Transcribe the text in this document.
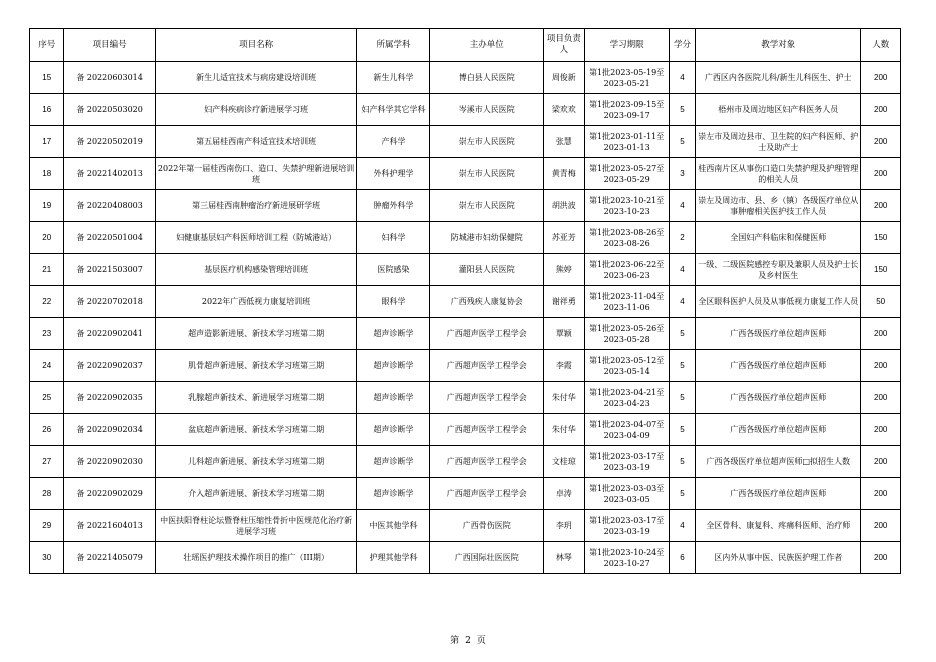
序号	项目编号	项目名称	所属学科	主办单位	项目负责人	学习期限	学分	教学对象	人数
15	备 20220603014	新生儿适宜技术与病房建设培训班	新生儿科学	博白县人民医院	周俊新	第1批2023-05-19至2023-05-21	4	广西区内各医院儿科/新生儿科医生、护士	200
16	备 20220503020	妇产科疾病诊疗新进展学习班	妇产科学其它学科	岑溪市人民医院	梁欢欢	第1批2023-09-15至2023-09-17	5	梧州市及周边地区妇产科医务人员	200
17	备 20220502019	第五届桂西南产科适宜技术培训班	产科学	崇左市人民医院	张慧	第1批2023-01-11至2023-01-13	5	崇左市及周边县市、卫生院的妇产科医师、护士及助产士	200
18	备 20221402013	2022年第一届桂西南伤口、造口、失禁护理新进展培训班	外科护理学	崇左市人民医院	黄青梅	第1批2023-05-27至2023-05-29	3	桂西南片区从事伤口造口失禁护理及护理管理的相关人员	200
19	备 20220408003	第三届桂西南肿瘤治疗新进展研学班	肿瘤外科学	崇左市人民医院	胡洪波	第1批2023-10-21至2023-10-23	4	崇左及周边市、县、乡（镇）各级医疗单位从事肿瘤相关医护技工作人员	200
20	备 20220501004	妇健康基层妇产科医师培训工程（防城港站）	妇科学	防城港市妇幼保健院	苏亚芳	第1批2023-08-26至2023-08-26	2	全国妇产科临床和保健医师	150
21	备 20221503007	基层医疗机构感染管理培训班	医院感染	灌阳县人民医院	熊婷	第1批2023-06-22至2023-06-23	4	一级、二级医院感控专职及兼职人员及护士长及乡村医生	150
22	备 20220702018	2022年广西低视力康复培训班	眼科学	广西残疾人康复协会	谢祥勇	第1批2023-11-04至2023-11-06	4	全区眼科医护人员及从事低视力康复工作人员	50
23	备 20220902041	超声造影新进展、新技术学习班第二期	超声诊断学	广西超声医学工程学会	覃颖	第1批2023-05-26至2023-05-28	5	广西各级医疗单位超声医师	200
24	备 20220902037	肌骨超声新进展、新技术学习班第三期	超声诊断学	广西超声医学工程学会	李霞	第1批2023-05-12至2023-05-14	5	广西各级医疗单位超声医师	200
25	备 20220902035	乳腺超声新技术、新进展学习班第二期	超声诊断学	广西超声医学工程学会	朱付华	第1批2023-04-21至2023-04-23	5	广西各级医疗单位超声医师	200
26	备 20220902034	盆底超声新进展、新技术学习班第二期	超声诊断学	广西超声医学工程学会	朱付华	第1批2023-04-07至2023-04-09	5	广西各级医疗单位超声医师	200
27	备 20220902030	儿科超声新进展、新技术学习班第二期	超声诊断学	广西超声医学工程学会	文桂琼	第1批2023-03-17至2023-03-19	5	广西各级医疗单位超声医师□拟招生人数	200
28	备 20220902029	介入超声新进展、新技术学习班第二期	超声诊断学	广西超声医学工程学会	卓涛	第1批2023-03-03至2023-03-05	5	广西各级医疗单位超声医师	200
29	备 20221604013	中医扶阳脊柱论坛暨脊柱压缩性骨折中医规范化治疗新进展学习班	中医其他学科	广西骨伤医院	李玥	第1批2023-03-17至2023-03-19	4	全区骨科、康复科、疼痛科医师、治疗师	200
30	备 20221405079	壮瑶医护理技术操作项目的推广（III期）	护理其他学科	广西国际壮医医院	林琴	第1批2023-10-24至2023-10-27	6	区内外从事中医、民族医护理工作者	200
第 2 页
